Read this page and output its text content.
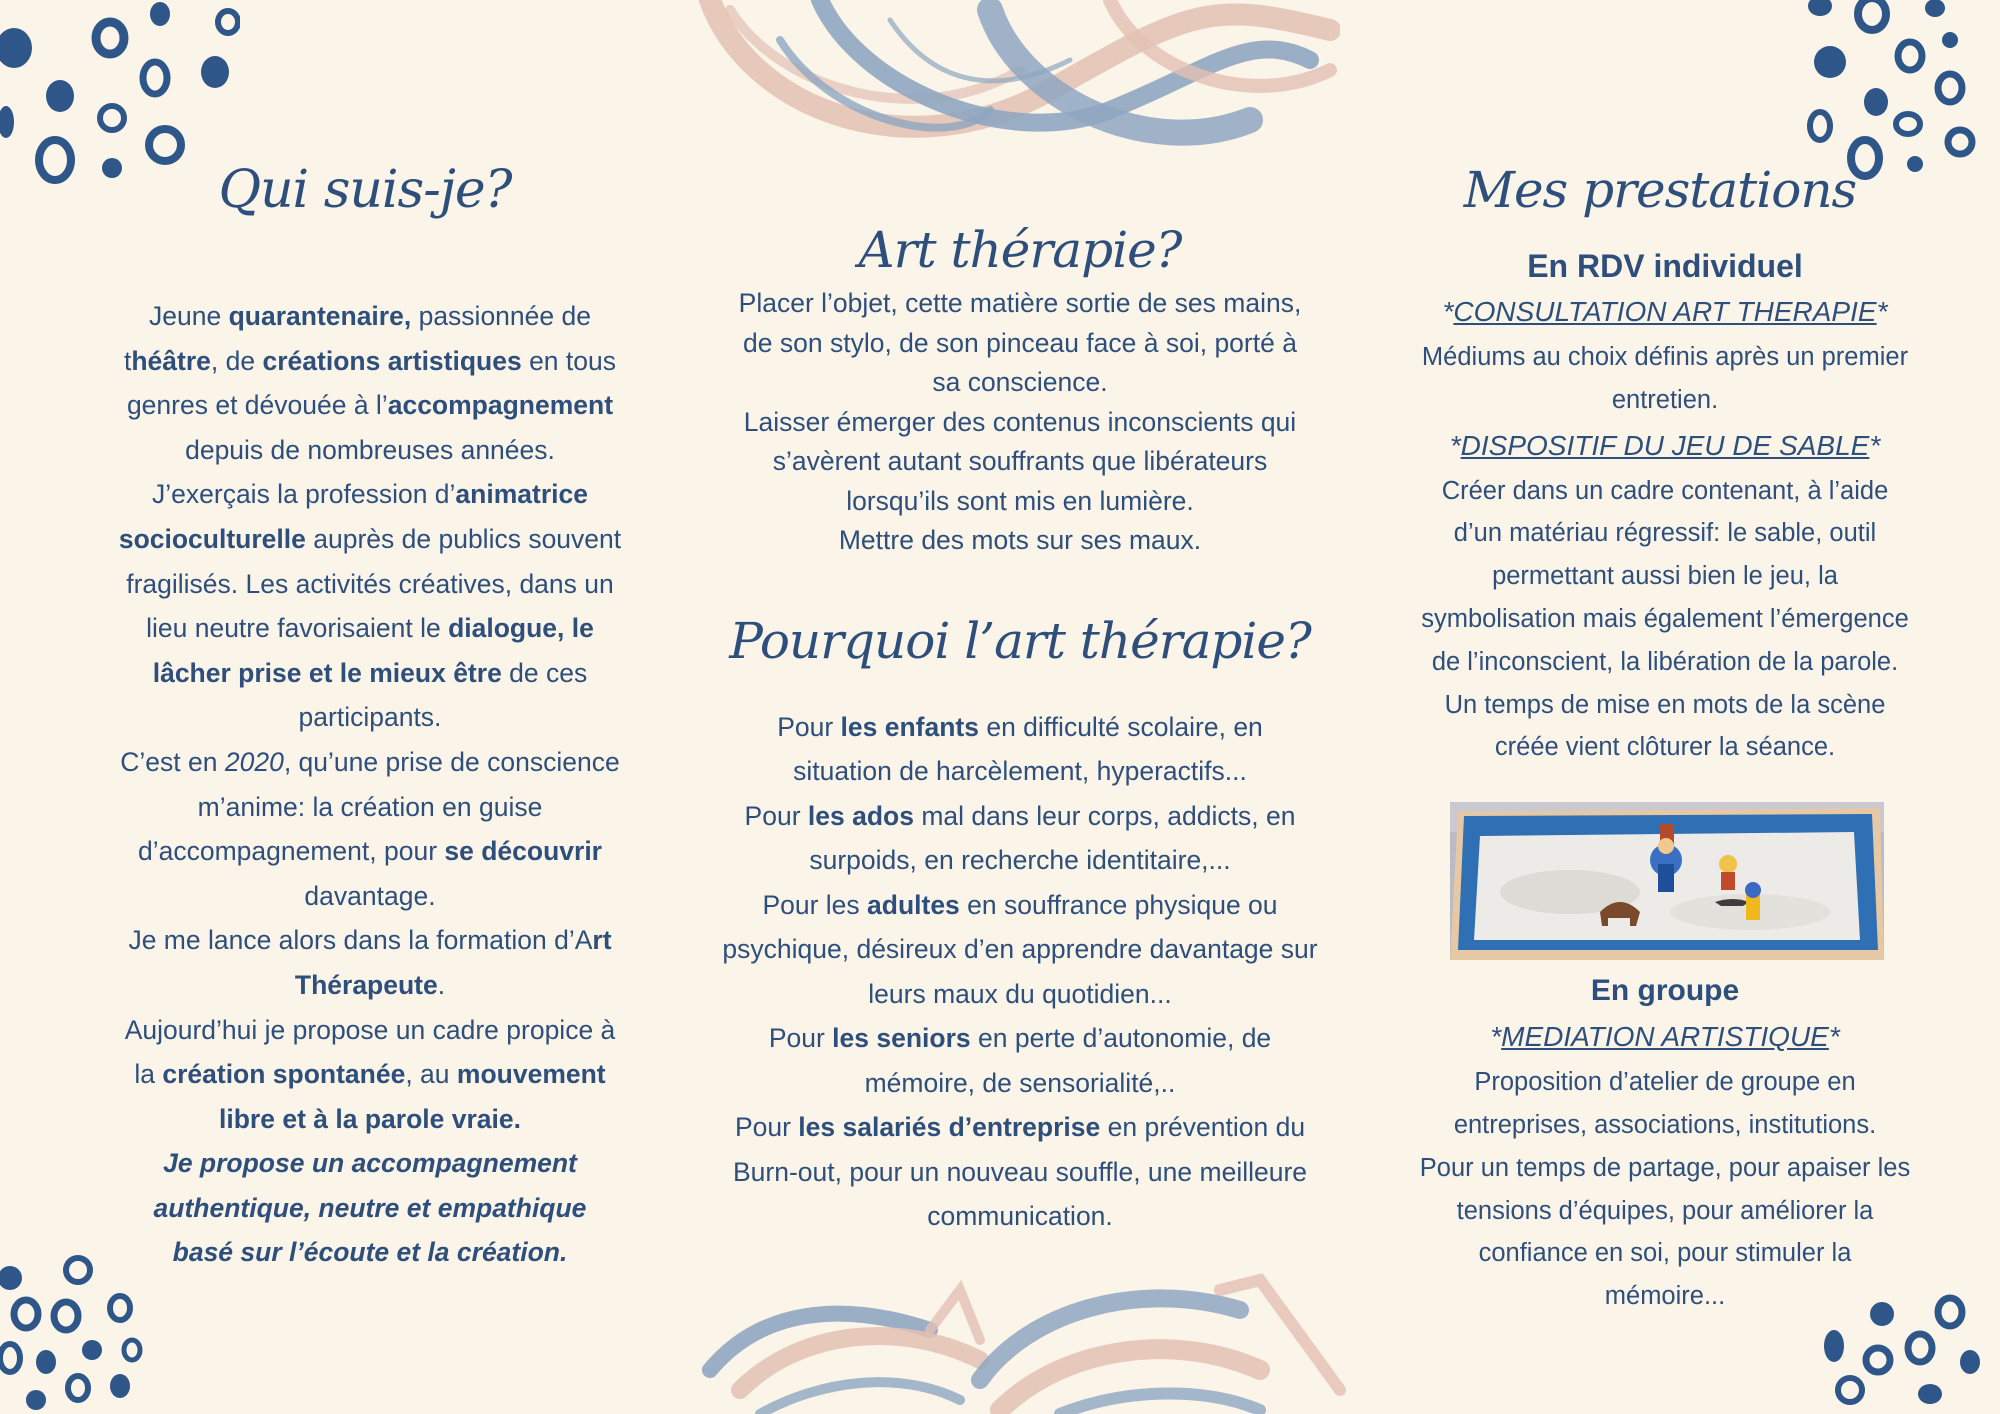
Qui suis-je?
Jeune quarantenaire, passionnée de
théâtre, de créations artistiques en tous
genres et dévouée à l’accompagnement
depuis de nombreuses années.
J’exerçais la profession d’animatrice
socioculturelle auprès de publics souvent
fragilisés. Les activités créatives, dans un
lieu neutre favorisaient le dialogue, le
lâcher prise et le mieux être de ces
participants.
C’est en 2020, qu’une prise de conscience
m’anime: la création en guise
d’accompagnement, pour se découvrir
davantage.
Je me lance alors dans la formation d’Art
Thérapeute.
Aujourd’hui je propose un cadre propice à
la création spontanée, au mouvement
libre et à la parole vraie.
Je propose un accompagnement
authentique, neutre et empathique
basé sur l’écoute et la création.
Art thérapie?
Placer l’objet, cette matière sortie de ses mains,
de son stylo, de son pinceau face à soi, porté à
sa conscience.
Laisser émerger des contenus inconscients qui
s’avèrent autant souffrants que libérateurs
lorsqu’ils sont mis en lumière.
Mettre des mots sur ses maux.
Pourquoi l’art thérapie?
Pour les enfants en difficulté scolaire, en
situation de harcèlement, hyperactifs...
Pour les ados mal dans leur corps, addicts, en
surpoids, en recherche identitaire,...
Pour les adultes en souffrance physique ou
psychique, désireux d’en apprendre davantage sur
leurs maux du quotidien...
Pour les seniors en perte d’autonomie, de
mémoire, de sensorialité,..
Pour les salariés d’entreprise en prévention du
Burn-out, pour un nouveau souffle, une meilleure
communication.
Mes prestations

En RDV individuel

*CONSULTATION ART THERAPIE*

Médiums au choix définis après un premier
entretien.

*DISPOSITIF DU JEU DE SABLE*

Créer dans un cadre contenant, à l’aide
d’un matériau régressif: le sable, outil
permettant aussi bien le jeu, la
symbolisation mais également l’émergence
de l’inconscient, la libération de la parole.
Un temps de mise en mots de la scène
créée vient clôturer la séance.

En groupe

*MEDIATION ARTISTIQUE*

Proposition d’atelier de groupe en
entreprises, associations, institutions.
Pour un temps de partage, pour apaiser les
tensions d’équipes, pour améliorer la
confiance en soi, pour stimuler la
mémoire...
